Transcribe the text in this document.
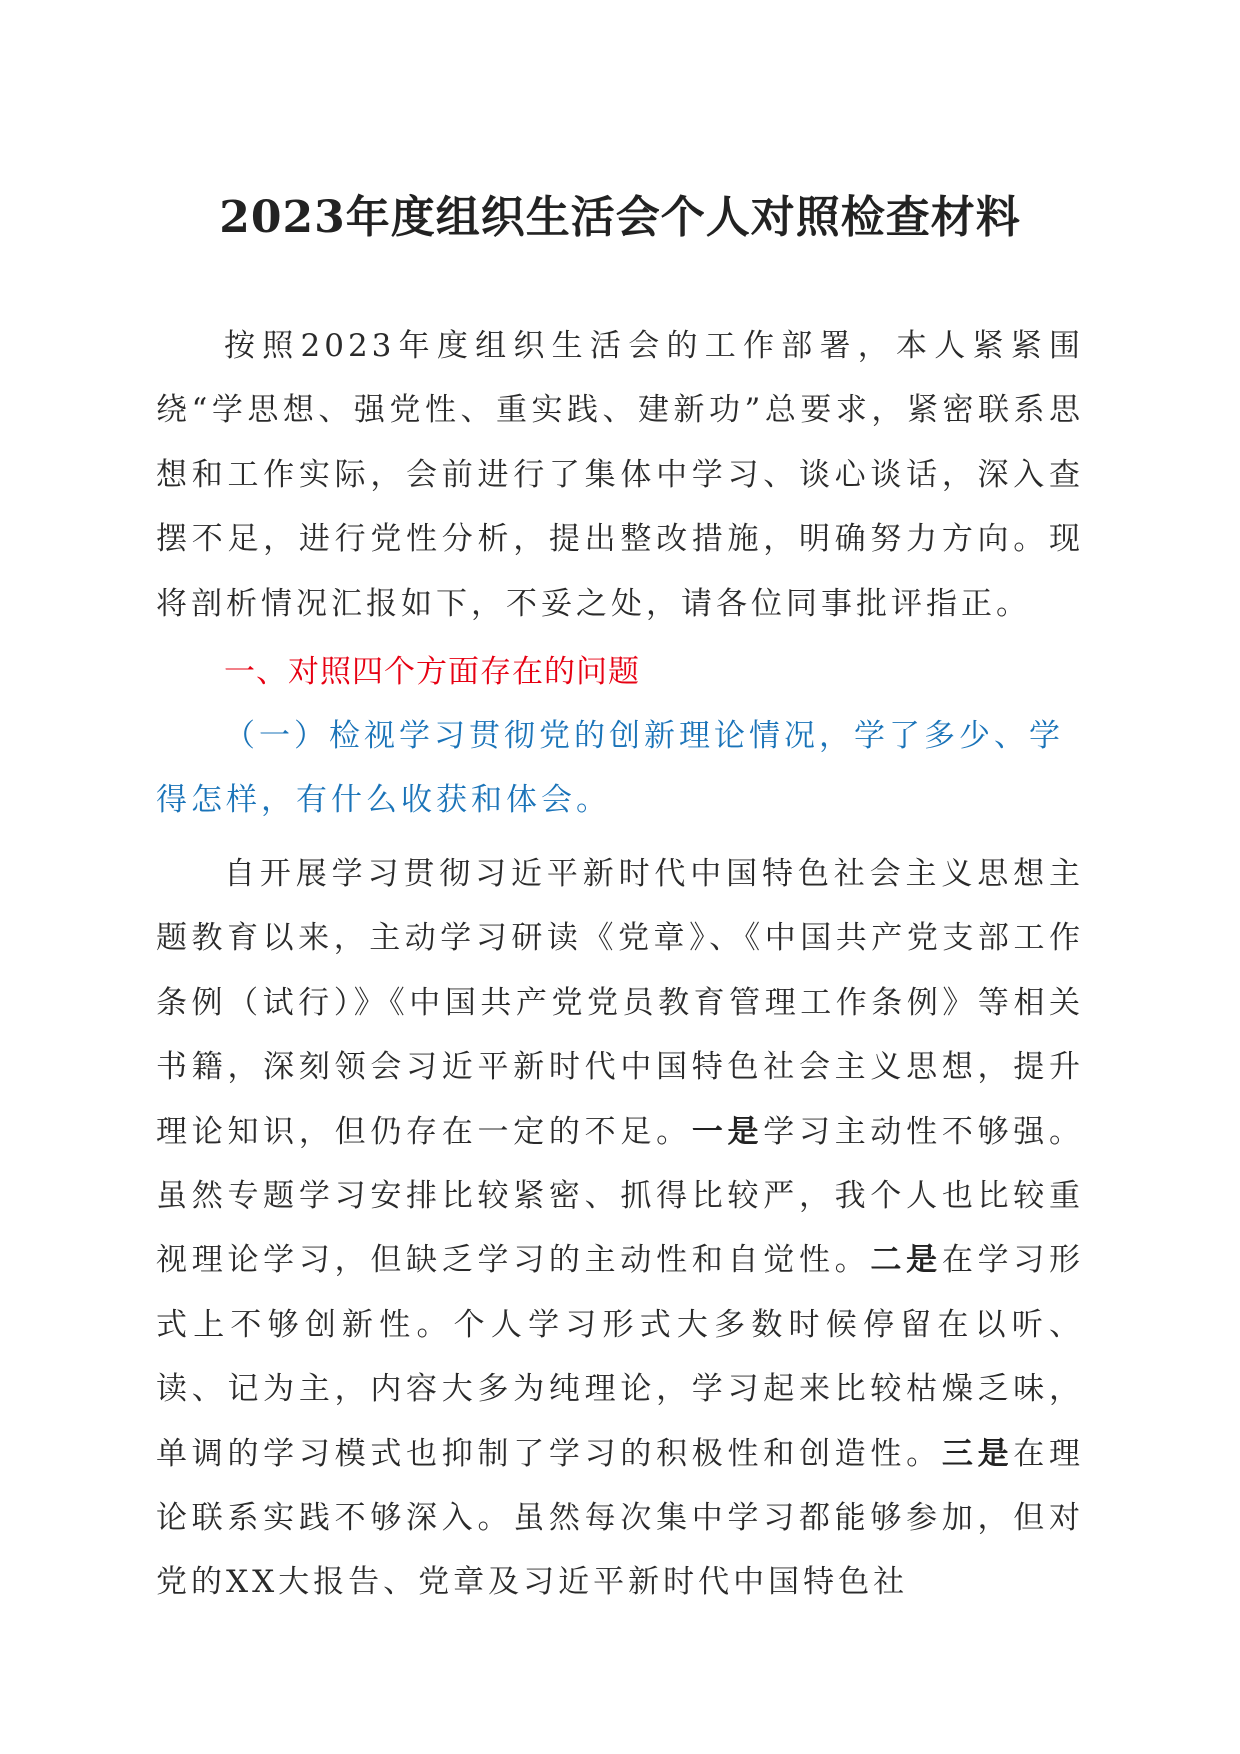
2023年度组织生活会个人对照检查材料

按照2023年度组织生活会的工作部署，本人紧紧围绕“学思想、强党性、重实践、建新功”总要求，紧密联系思想和工作实际，会前进行了集体中学习、谈心谈话，深入查摆不足，进行党性分析，提出整改措施，明确努力方向。现将剖析情况汇报如下，不妥之处，请各位同事批评指正。

一、对照四个方面存在的问题

（一）检视学习贯彻党的创新理论情况，学了多少、学得怎样，有什么收获和体会。

自开展学习贯彻习近平新时代中国特色社会主义思想主题教育以来，主动学习研读《党章》、《中国共产党支部工作条例（试行）》《中国共产党党员教育管理工作条例》等相关书籍，深刻领会习近平新时代中国特色社会主义思想，提升理论知识，但仍存在一定的不足。一是学习主动性不够强。虽然专题学习安排比较紧密、抓得比较严，我个人也比较重视理论学习，但缺乏学习的主动性和自觉性。二是在学习形式上不够创新性。个人学习形式大多数时候停留在以听、读、记为主，内容大多为纯理论，学习起来比较枯燥乏味，单调的学习模式也抑制了学习的积极性和创造性。三是在理论联系实践不够深入。虽然每次集中学习都能够参加，但对党的XX大报告、党章及习近平新时代中国特色社
